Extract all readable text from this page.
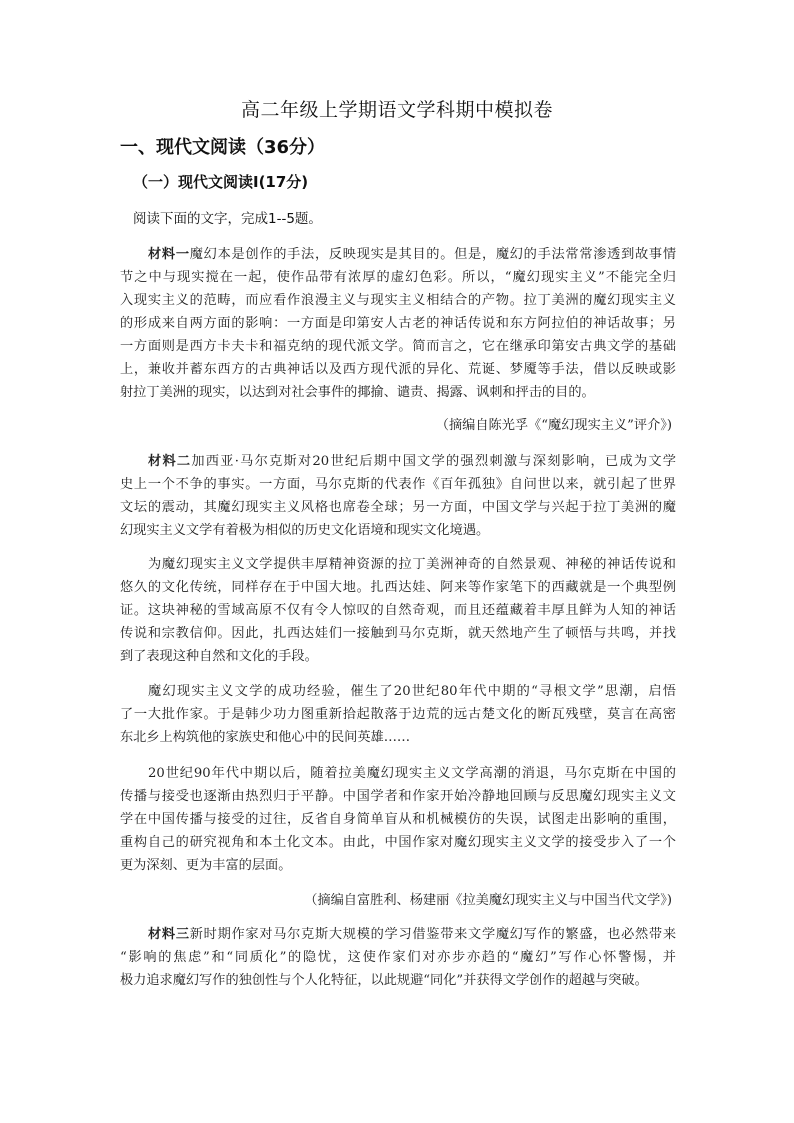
高二年级上学期语文学科期中模拟卷
一、现代文阅读（36分）
（一）现代文阅读Ⅰ(17分)
阅读下面的文字，完成1--5题。
材料一魔幻本是创作的手法，反映现实是其目的。但是，魔幻的手法常常渗透到故事情
节之中与现实搅在一起，使作品带有浓厚的虚幻色彩。所以，“魔幻现实主义”不能完全归
入现实主义的范畴，而应看作浪漫主义与现实主义相结合的产物。拉丁美洲的魔幻现实主义
的形成来自两方面的影响：一方面是印第安人古老的神话传说和东方阿拉伯的神话故事；另
一方面则是西方卡夫卡和福克纳的现代派文学。简而言之，它在继承印第安古典文学的基础
上，兼收并蓄东西方的古典神话以及西方现代派的异化、荒诞、梦魇等手法，借以反映或影
射拉丁美洲的现实，以达到对社会事件的揶揄、谴责、揭露、讽刺和抨击的目的。
（摘编自陈光孚《“魔幻现实主义”评介》)
材料二加西亚·马尔克斯对20世纪后期中国文学的强烈刺激与深刻影响，已成为文学
史上一个不争的事实。一方面，马尔克斯的代表作《百年孤独》自问世以来，就引起了世界
文坛的震动，其魔幻现实主义风格也席卷全球；另一方面，中国文学与兴起于拉丁美洲的魔
幻现实主义文学有着极为相似的历史文化语境和现实文化境遇。
为魔幻现实主义文学提供丰厚精神资源的拉丁美洲神奇的自然景观、神秘的神话传说和
悠久的文化传统，同样存在于中国大地。扎西达娃、阿来等作家笔下的西藏就是一个典型例
证。这块神秘的雪域高原不仅有令人惊叹的自然奇观，而且还蕴藏着丰厚且鲜为人知的神话
传说和宗教信仰。因此，扎西达娃们一接触到马尔克斯，就天然地产生了顿悟与共鸣，并找
到了表现这种自然和文化的手段。
魔幻现实主义文学的成功经验，催生了20世纪80年代中期的“寻根文学”思潮，启悟
了一大批作家。于是韩少功力图重新拾起散落于边荒的远古楚文化的断瓦残壁，莫言在高密
东北乡上构筑他的家族史和他心中的民间英雄……
20世纪90年代中期以后，随着拉美魔幻现实主义文学高潮的消退，马尔克斯在中国的
传播与接受也逐渐由热烈归于平静。中国学者和作家开始冷静地回顾与反思魔幻现实主义文
学在中国传播与接受的过往，反省自身简单盲从和机械模仿的失误，试图走出影响的重围，
重构自己的研究视角和本土化文本。由此，中国作家对魔幻现实主义文学的接受步入了一个
更为深刻、更为丰富的层面。
（摘编自富胜利、杨建丽《拉美魔幻现实主义与中国当代文学》)
材料三新时期作家对马尔克斯大规模的学习借鉴带来文学魔幻写作的繁盛，也必然带来
“影响的焦虑”和“同质化”的隐忧，这使作家们对亦步亦趋的“魔幻”写作心怀警惕，并
极力追求魔幻写作的独创性与个人化特征，以此规避“同化”并获得文学创作的超越与突破。
